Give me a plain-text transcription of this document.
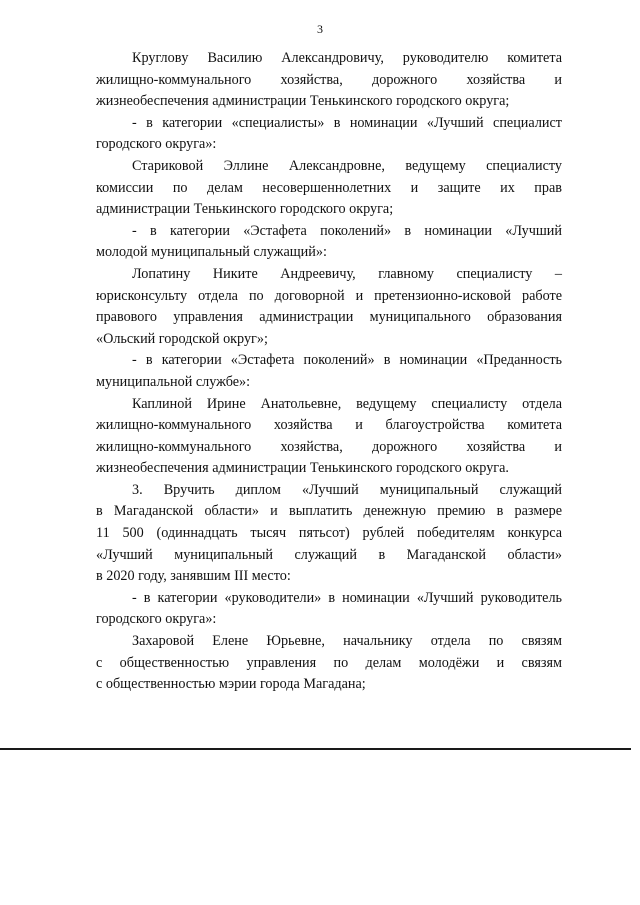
3
Кругловy Василию Александровичу, руководителю комитета
жилищно-коммунального хозяйства, дорожного хозяйства и
жизнеобеспечения администрации Тенькинского городского округа;
- в категории «специалисты» в номинации «Лучший специалист
городского округа»:
Стариковой Эллине Александровне, ведущему специалисту
комиссии по делам несовершеннолетних и защите их прав
администрации Тенькинского городского округа;
- в категории «Эстафета поколений» в номинации «Лучший
молодой муниципальный служащий»:
Лопатину Никите Андреевичу, главному специалисту –
юрисконсульту отдела по договорной и претензионно-исковой работе
правового управления администрации муниципального образования
«Ольский городской округ»;
- в категории «Эстафета поколений» в номинации «Преданность
муниципальной службе»:
Каплиной Ирине Анатольевне, ведущему специалисту отдела
жилищно-коммунального хозяйства и благоустройства комитета
жилищно-коммунального хозяйства, дорожного хозяйства и
жизнеобеспечения администрации Тенькинского городского округа.
3. Вручить диплом «Лучший муниципальный служащий
в Магаданской области» и выплатить денежную премию в размере
11 500 (одиннадцать тысяч пятьсот) рублей победителям конкурса
«Лучший муниципальный служащий в Магаданской области»
в 2020 году, занявшим III место:
- в категории «руководители» в номинации «Лучший руководитель
городского округа»:
Захаровой Елене Юрьевне, начальнику отдела по связям
с общественностью управления по делам молодёжи и связям
с общественностью мэрии города Магадана;
